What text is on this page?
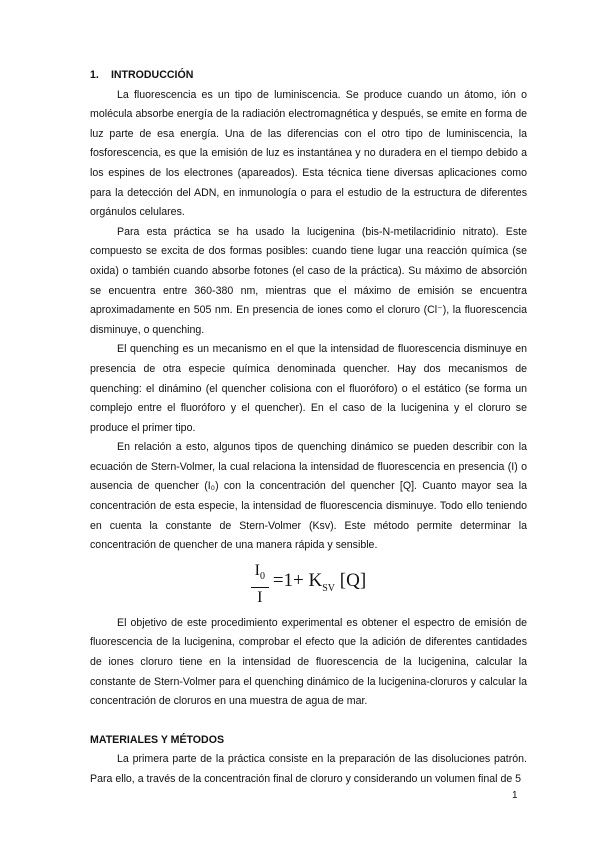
1. INTRODUCCIÓN

La fluorescencia es un tipo de luminiscencia. Se produce cuando un átomo, ión o molécula absorbe energía de la radiación electromagnética y después, se emite en forma de luz parte de esa energía. Una de las diferencias con el otro tipo de luminiscencia, la fosforescencia, es que la emisión de luz es instantánea y no duradera en el tiempo debido a los espines de los electrones (apareados). Esta técnica tiene diversas aplicaciones como para la detección del ADN, en inmunología o para el estudio de la estructura de diferentes orgánulos celulares.

Para esta práctica se ha usado la lucigenina (bis-N-metilacridinio nitrato). Este compuesto se excita de dos formas posibles: cuando tiene lugar una reacción química (se oxida) o también cuando absorbe fotones (el caso de la práctica). Su máximo de absorción se encuentra entre 360-380 nm, mientras que el máximo de emisión se encuentra aproximadamente en 505 nm. En presencia de iones como el cloruro (Cl⁻), la fluorescencia disminuye, o quenching.

El quenching es un mecanismo en el que la intensidad de fluorescencia disminuye en presencia de otra especie química denominada quencher. Hay dos mecanismos de quenching: el dinámino (el quencher colisiona con el fluoróforo) o el estático (se forma un complejo entre el fluoróforo y el quencher). En el caso de la lucigenina y el cloruro se produce el primer tipo.

En relación a esto, algunos tipos de quenching dinámico se pueden describir con la ecuación de Stern-Volmer, la cual relaciona la intensidad de fluorescencia en presencia (I) o ausencia de quencher (I₀) con la concentración del quencher [Q]. Cuanto mayor sea la concentración de esta especie, la intensidad de fluorescencia disminuye. Todo ello teniendo en cuenta la constante de Stern-Volmer (Ksv). Este método permite determinar la concentración de quencher de una manera rápida y sensible.

$\frac{I_0}{I} =1+ K_{SV}$ [Q]

El objetivo de este procedimiento experimental es obtener el espectro de emisión de fluorescencia de la lucigenina, comprobar el efecto que la adición de diferentes cantidades de iones cloruro tiene en la intensidad de fluorescencia de la lucigenina, calcular la constante de Stern-Volmer para el quenching dinámico de la lucigenina-cloruros y calcular la concentración de cloruros en una muestra de agua de mar.

MATERIALES Y MÉTODOS

La primera parte de la práctica consiste en la preparación de las disoluciones patrón. Para ello, a través de la concentración final de cloruro y considerando un volumen final de 5

1
